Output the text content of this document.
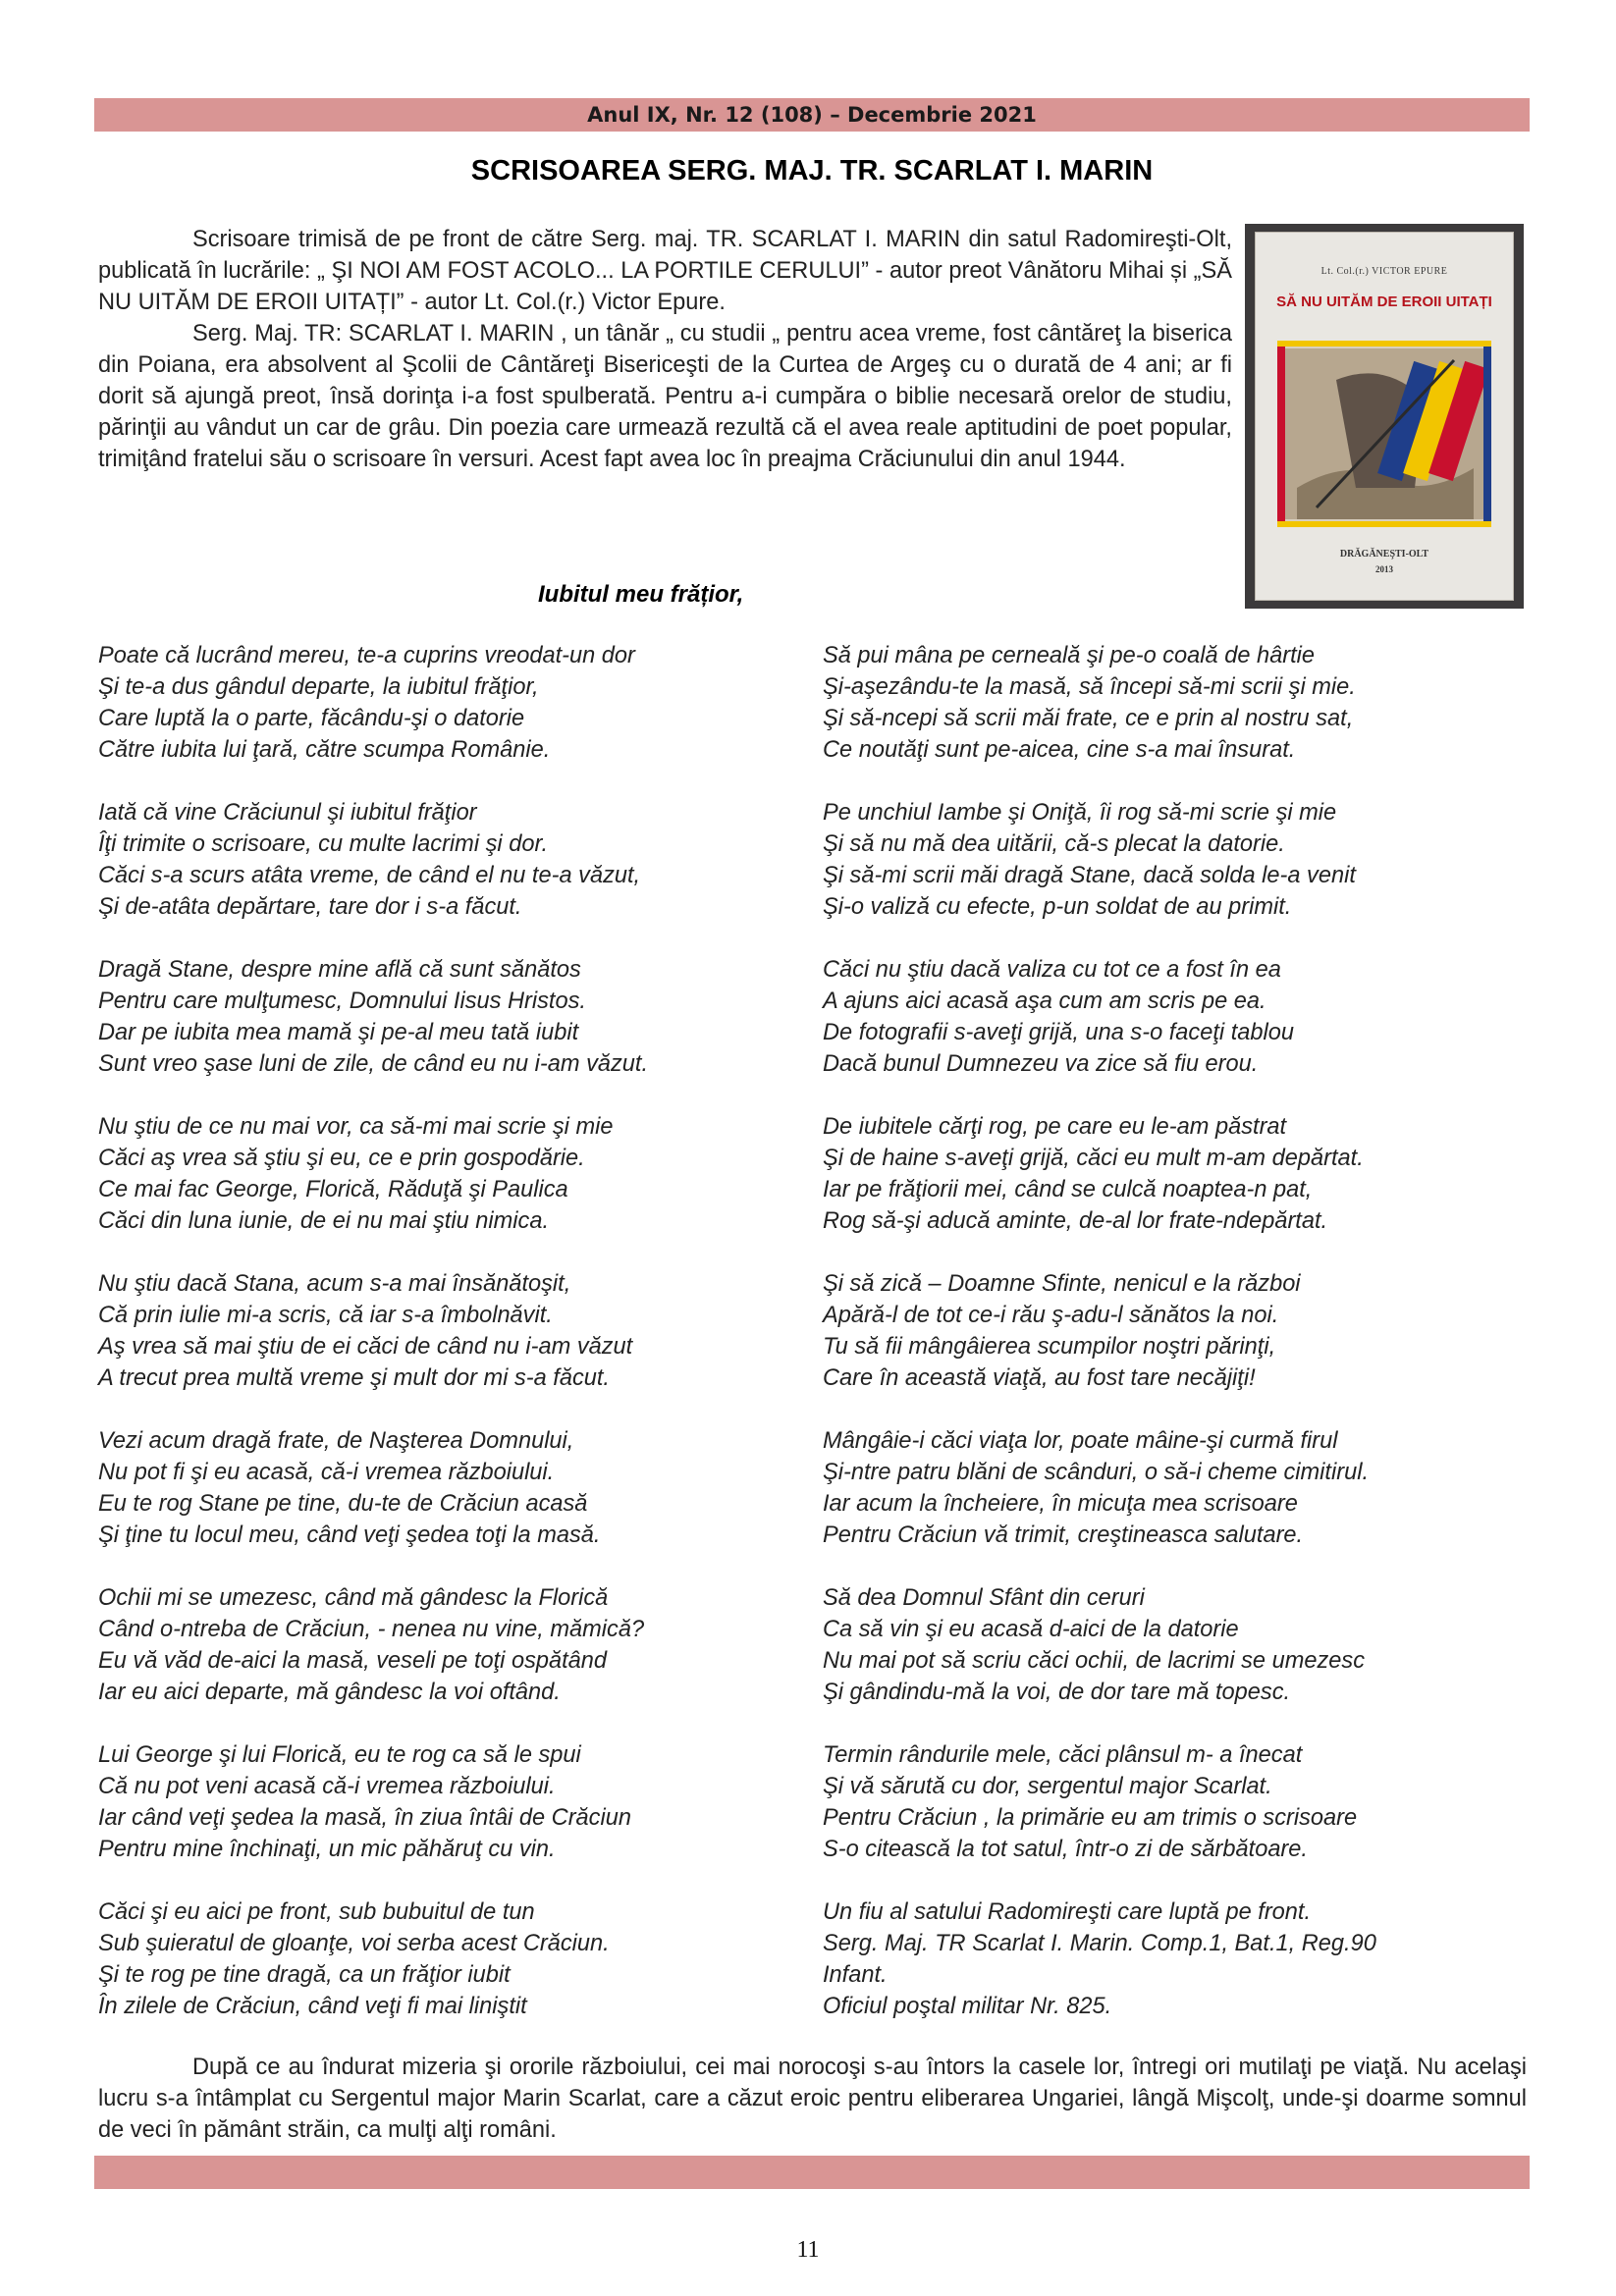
Anul IX, Nr. 12 (108) – Decembrie 2021
SCRISOAREA SERG. MAJ. TR. SCARLAT I. MARIN

Scrisoare trimisă de pe front de către Serg. maj. TR. SCARLAT I. MARIN din satul Radomireşti-Olt, publicată în lucrările: „ ŞI NOI AM FOST ACOLO... LA PORTILE CERULUI” - autor preot Vânătoru Mihai și „SĂ NU UITĂM DE EROII UITAȚI” - autor Lt. Col.(r.) Victor Epure.

Serg. Maj. TR: SCARLAT I. MARIN , un tânăr „ cu studii „ pentru acea vreme, fost cântăreţ la biserica din Poiana, era absolvent al Şcolii de Cântăreţi Bisericeşti de la Curtea de Argeş cu o durată de 4 ani; ar fi dorit să ajungă preot, însă dorinţa i-a fost spulberată. Pentru a-i cumpăra o biblie necesară orelor de studiu, părinţii au vândut un car de grâu. Din poezia care urmează rezultă că el avea reale aptitudini de poet popular, trimiţând fratelui său o scrisoare în versuri. Acest fapt avea loc în preajma Crăciunului din anul 1944.

Lt. Col.(r.) VICTOR EPURE
SĂ NU UITĂM DE EROII UITAȚI
DRĂGĂNEŞTI-OLT
2013
Iubitul meu frățior,
Poate că lucrând mereu, te-a cuprins vreodat-un dor
Şi te-a dus gândul departe, la iubitul frăţior,
Care luptă la o parte, făcându-şi o datorie
Către iubita lui ţară, către scumpa Românie.
Iată că vine Crăciunul şi iubitul frăţior
Îţi trimite o scrisoare, cu multe lacrimi şi dor.
Căci s-a scurs atâta vreme, de când el nu te-a văzut,
Şi de-atâta depărtare, tare dor i s-a făcut.
Dragă Stane, despre mine află că sunt sănătos
Pentru care mulţumesc, Domnului Iisus Hristos.
Dar pe iubita mea mamă şi pe-al meu tată iubit
Sunt vreo şase luni de zile, de când eu nu i-am văzut.
Nu ştiu de ce nu mai vor, ca să-mi mai scrie şi mie
Căci aş vrea să ştiu şi eu, ce e prin gospodărie.
Ce mai fac George, Florică, Răduţă şi Paulica
Căci din luna iunie, de ei nu mai ştiu nimica.
Nu ştiu dacă Stana, acum s-a mai însănătoşit,
Că prin iulie mi-a scris, că iar s-a îmbolnăvit.
Aş vrea să mai ştiu de ei căci de când nu i-am văzut
A trecut prea multă vreme şi mult dor mi s-a făcut.
Vezi acum dragă frate, de Naşterea Domnului,
Nu pot fi şi eu acasă, că-i vremea războiului.
Eu te rog Stane pe tine, du-te de Crăciun acasă
Şi ţine tu locul meu, când veţi şedea toţi la masă.
Ochii mi se umezesc, când mă gândesc la Florică
Când o-ntreba de Crăciun, - nenea nu vine, mămică?
Eu vă văd de-aici la masă, veseli pe toţi ospătând
Iar eu aici departe, mă gândesc la voi oftând.
Lui George şi lui Florică, eu te rog ca să le spui
Că nu pot veni acasă că-i vremea războiului.
Iar când veţi şedea la masă, în ziua întâi de Crăciun
Pentru mine închinaţi, un mic păhăruţ cu vin.
Căci şi eu aici pe front, sub bubuitul de tun
Sub şuieratul de gloanţe, voi serba acest Crăciun.
Şi te rog pe tine dragă, ca un frăţior iubit
În zilele de Crăciun, când veţi fi mai liniştit
Să pui mâna pe cerneală şi pe-o coală de hârtie
Şi-aşezându-te la masă, să începi să-mi scrii şi mie.
Şi să-ncepi să scrii măi frate, ce e prin al nostru sat,
Ce noutăţi sunt pe-aicea, cine s-a mai însurat.
Pe unchiul Iambe şi Oniţă, îi rog să-mi scrie şi mie
Şi să nu mă dea uitării, că-s plecat la datorie.
Şi să-mi scrii măi dragă Stane, dacă solda le-a venit
Şi-o valiză cu efecte, p-un soldat de au primit.
Căci nu ştiu dacă valiza cu tot ce a fost în ea
A ajuns aici acasă aşa cum am scris pe ea.
De fotografii s-aveţi grijă, una s-o faceţi tablou
Dacă bunul Dumnezeu va zice să fiu erou.
De iubitele cărţi rog, pe care eu le-am păstrat
Şi de haine s-aveţi grijă, căci eu mult m-am depărtat.
Iar pe frăţiorii mei, când se culcă noaptea-n pat,
Rog să-şi aducă aminte, de-al lor frate-ndepărtat.
Şi să zică – Doamne Sfinte, nenicul e la război
Apără-l de tot ce-i rău ş-adu-l sănătos la noi.
Tu să fii mângâierea scumpilor noştri părinţi,
Care în această viaţă, au fost tare necăjiţi!
Mângâie-i căci viaţa lor, poate mâine-şi curmă firul
Şi-ntre patru blăni de scânduri, o să-i cheme cimitirul.
Iar acum la încheiere, în micuţa mea scrisoare
Pentru Crăciun vă trimit, creştineasca salutare.
Să dea Domnul Sfânt din ceruri
Ca să vin şi eu acasă d-aici de la datorie
Nu mai pot să scriu căci ochii, de lacrimi se umezesc
Şi gândindu-mă la voi, de dor tare mă topesc.
Termin rândurile mele, căci plânsul m- a înecat
Şi vă sărută cu dor, sergentul major Scarlat.
Pentru Crăciun , la primărie eu am trimis o scrisoare
S-o citească la tot satul, într-o zi de sărbătoare.
Un fiu al satului Radomireşti care luptă pe front.
Serg. Maj. TR Scarlat I. Marin. Comp.1, Bat.1, Reg.90
Infant.
Oficiul poştal militar Nr. 825.

După ce au îndurat mizeria şi ororile războiului, cei mai norocoşi s-au întors la casele lor, întregi ori mutilaţi pe viaţă. Nu acelaşi lucru s-a întâmplat cu Sergentul major Marin Scarlat, care a căzut eroic pentru eliberarea Ungariei, lângă Mişcolţ, unde-şi doarme somnul de veci în pământ străin, ca mulţi alţi români.

11
